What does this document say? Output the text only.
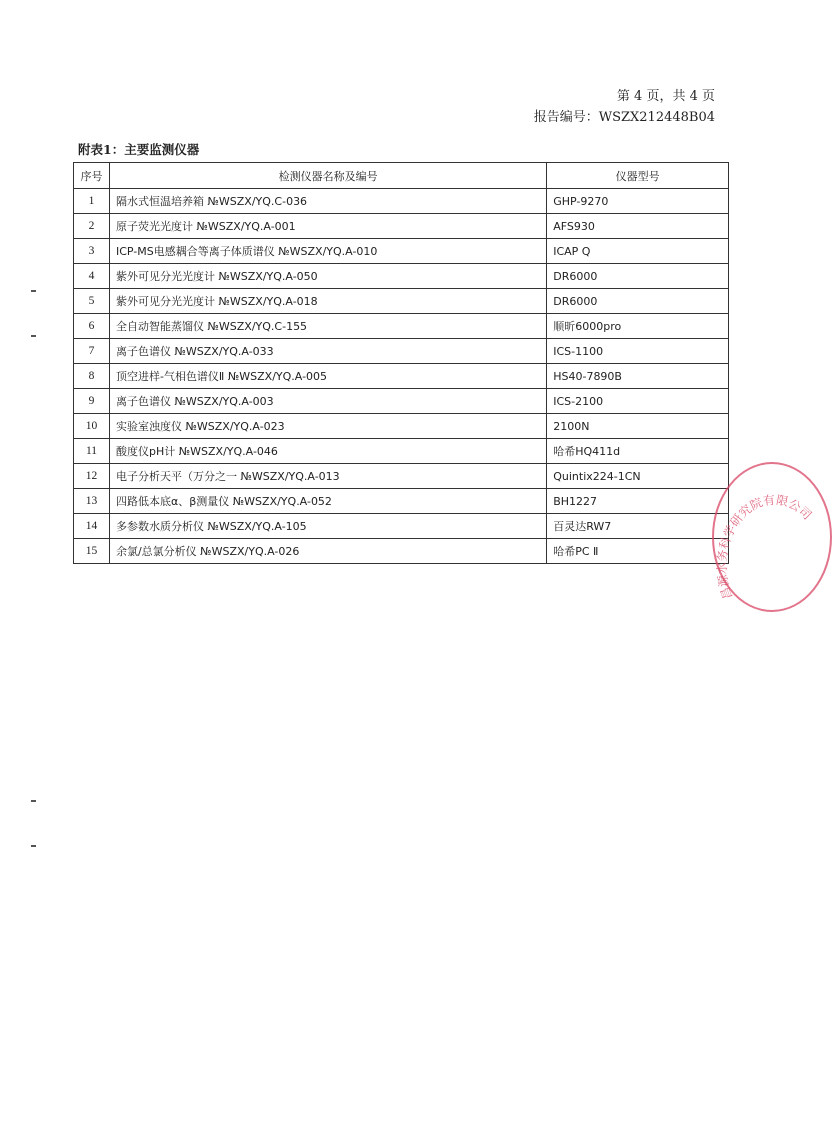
第 4 页，共 4 页
报告编号：WSZX212448B04
附表1：主要监测仪器
序号	检测仪器名称及编号	仪器型号
1	隔水式恒温培养箱 №WSZX/YQ.C-036	GHP-9270
2	原子荧光光度计 №WSZX/YQ.A-001	AFS930
3	ICP-MS电感耦合等离子体质谱仪 №WSZX/YQ.A-010	ICAP Q
4	紫外可见分光光度计 №WSZX/YQ.A-050	DR6000
5	紫外可见分光光度计 №WSZX/YQ.A-018	DR6000
6	全自动智能蒸馏仪 №WSZX/YQ.C-155	顺昕6000pro
7	离子色谱仪 №WSZX/YQ.A-033	ICS-1100
8	顶空进样-气相色谱仪Ⅱ №WSZX/YQ.A-005	HS40-7890B
9	离子色谱仪 №WSZX/YQ.A-003	ICS-2100
10	实验室浊度仪 №WSZX/YQ.A-023	2100N
11	酸度仪pH计 №WSZX/YQ.A-046	哈希HQ411d
12	电子分析天平（万分之一 №WSZX/YQ.A-013	Quintix224-1CN
13	四路低本底α、β测量仪 №WSZX/YQ.A-052	BH1227
14	多参数水质分析仪 №WSZX/YQ.A-105	百灵达RW7
15	余氯/总氯分析仪 №WSZX/YQ.A-026	哈希PC Ⅱ
昌源水务科学研究院有限公司
